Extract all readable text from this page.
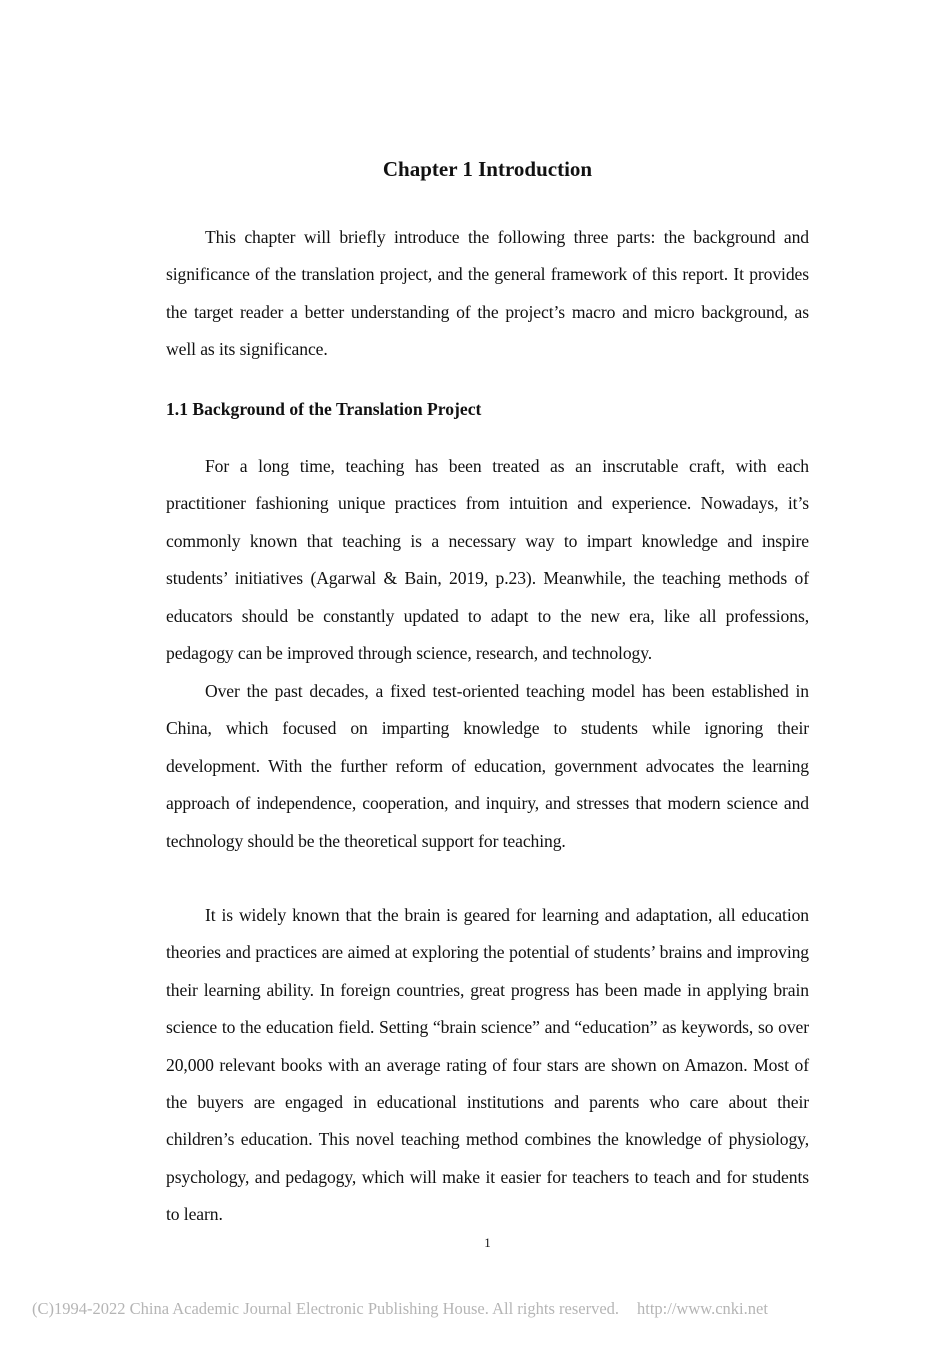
Chapter 1 Introduction

This chapter will briefly introduce the following three parts: the background and significance of the translation project, and the general framework of this report. It provides the target reader a better understanding of the project’s macro and micro background, as well as its significance.

1.1 Background of the Translation Project

For a long time, teaching has been treated as an inscrutable craft, with each practitioner fashioning unique practices from intuition and experience. Nowadays, it’s commonly known that teaching is a necessary way to impart knowledge and inspire students’ initiatives (Agarwal & Bain, 2019, p.23). Meanwhile, the teaching methods of educators should be constantly updated to adapt to the new era, like all professions, pedagogy can be improved through science, research, and technology.

Over the past decades, a fixed test-oriented teaching model has been established in China, which focused on imparting knowledge to students while ignoring their development. With the further reform of education, government advocates the learning approach of independence, cooperation, and inquiry, and stresses that modern science and technology should be the theoretical support for teaching.

It is widely known that the brain is geared for learning and adaptation, all education theories and practices are aimed at exploring the potential of students’ brains and improving their learning ability. In foreign countries, great progress has been made in applying brain science to the education field. Setting “brain science” and “education” as keywords, so over 20,000 relevant books with an average rating of four stars are shown on Amazon. Most of the buyers are engaged in educational institutions and parents who care about their children’s education. This novel teaching method combines the knowledge of physiology, psychology, and pedagogy, which will make it easier for teachers to teach and for students to learn.

1
(C)1994-2022 China Academic Journal Electronic Publishing House. All rights reserved. http://www.cnki.net
